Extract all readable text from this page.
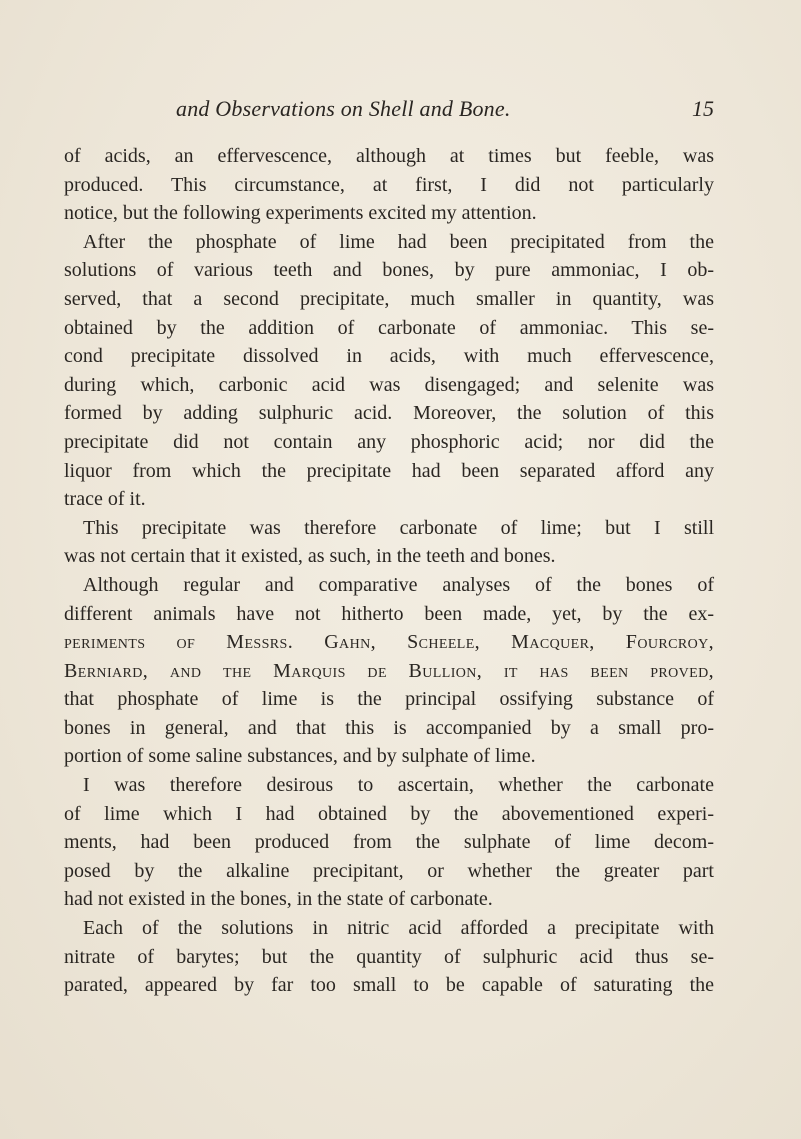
and Observations on Shell and Bone.	15
of acids, an effervescence, although at times but feeble, was
produced. This circumstance, at first, I did not particularly
notice, but the following experiments excited my attention.
After the phosphate of lime had been precipitated from the
solutions of various teeth and bones, by pure ammoniac, I ob-
served, that a second precipitate, much smaller in quantity, was
obtained by the addition of carbonate of ammoniac. This se-
cond precipitate dissolved in acids, with much effervescence,
during which, carbonic acid was disengaged; and selenite was
formed by adding sulphuric acid. Moreover, the solution of this
precipitate did not contain any phosphoric acid; nor did the
liquor from which the precipitate had been separated afford any
trace of it.
This precipitate was therefore carbonate of lime; but I still
was not certain that it existed, as such, in the teeth and bones.
Although regular and comparative analyses of the bones of
different animals have not hitherto been made, yet, by the ex-
periments of Messrs. Gahn, Scheele, Macquer, Fourcroy,
Berniard, and the Marquis de Bullion, it has been proved,
that phosphate of lime is the principal ossifying substance of
bones in general, and that this is accompanied by a small pro-
portion of some saline substances, and by sulphate of lime.
I was therefore desirous to ascertain, whether the carbonate
of lime which I had obtained by the abovementioned experi-
ments, had been produced from the sulphate of lime decom-
posed by the alkaline precipitant, or whether the greater part
had not existed in the bones, in the state of carbonate.
Each of the solutions in nitric acid afforded a precipitate with
nitrate of barytes; but the quantity of sulphuric acid thus se-
parated, appeared by far too small to be capable of saturating the
